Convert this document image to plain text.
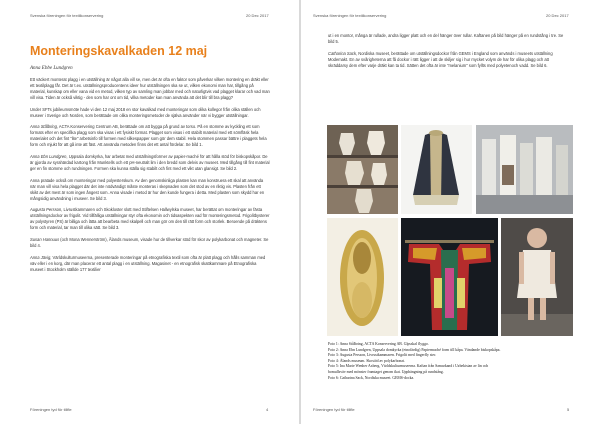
Svenska föreningen för textilkonservering	20 Dec 2017
Monteringskavalkaden 12 maj
Anna Ebbe Lundgren

Ett väckert monterat plagg i en utställning är något alla vill se, men det är ofta en faktor som påverkar vilken montering en dräkt eller ett textilplagg får. Det är t.ex. utställningsproducentens ideer hur utställningen ska se ut, vilken ekonomi man har, tillgång på material, kunskap om eller vana vid en metod, vilken typ av samling man jobbar med och naturligtvis vad plagget klarar och vad man vill visa. Tiden är också viktig - den som har ont om tid, vilka metoder kan man använda att det blir till bra plagg?

Under SFTs jubileumsmöte hade vi den 12 maj 2018 en stor kavalkad med monteringar som olika kollegor från olika ställen och museer i Sverige och Norden, som berättade om olika monteringsmetoder de själva använder när vi bygger utställningar.

Anna Stålbring, ACTA Konservering Centrum AB, berättade om att bygga på grund av torso. På en stomme av kyckling ett som formats efter en specifika plagg som ska visas i ett fysiskt format. Plagget som visas i ett stabilt material med ett sömfläsk hela materialet och det fint "lite" arbetsinfo till formen med silkespapper som gör dem stabil. Hela stommen passar bättre i plaggets hela form och mjukt för att gå inte att fäst. Att använda metoden finns det ett antal fördelar. Se bild 1.

Anna Ebn Lundgren, Uppsala domkyrka, har arbetat med utställningsformer av papier-maché för att hålla stöd för biskopskåpor. De är gjorda av syrahärdad kartong från Munktells och ett pH-neutralt lim i den bredd som delvis av museet. Med tillgång till fint material ger en fin stomme och rundningen. Formen ska kunna ställa sig stabilt och fint med ett vikt utan glansigt. Se bild 2.

Anna pratade också om monteringar med polyesterskum. Av den genomskinliga plasten kan man konstruera ett skal att använda när man vill visa hela plagget där det inte nödvändigt måste monteras i skepnaden som det stod av en riktig vis. Plasten från ett skikt av det mest är som ingen ångest som. Anna visade i metod är hur den kunde fungera i detta. Med plasten som skydd har en mångsidig användning i museer. Se bild 3.

Augusta Persson, Livrustkammaren och Skokloster slott med Stiftelsen Hallwylska museet, har berättat om monteringar av fästa utställningsdockor av frigolit. Vid tillfälliga utställningar styr ofta ekonomin och tidsaspekten vad för monteringsmetod. Frigolitbysterer av polystyren (PS) är billiga och lätta att bearbeta med skalpell och man gör om den till rätt form och storlek. Beroende på dräktens form och material, tar man till olika sätt. Se bild 3.

Susan Hannuus (och Mona Wennerström), Ålands museum, visade hur de tillverkar stöd för skor av polykarbonat och magneter. Se bild 4.

Anna Jävig, Världskulturmuseerna, presenterade monteringar på etnografiska textil som ofta är platt plagg och hålls samman med väv eller i en korg, där man placerar ett antal plagg i en utställning. Magasinet - en etnografisk skattkammare på Etnografiska museet i Stockholm ställde 177 textilier

Föreningen tyd för tillfle	4
Svenska föreningen för textilkonservering	20 Dec 2017

ut i en montor, många är rullade, andra ligger platt och en del hänger över rullar. Kaftanen på bild hänger på en rundstång i tre. Se bild 5.

Catharina Sack, Nordiska museet, berättade om utställningsdockor från GEMS i England som används i museets utställning Modemakt. En av svårigheterna att få dockor i rätt ligger i att de skiljer sig i hur mycket volym de har för olika plagg och att skräddarsy dem efter varje dräkt kan ta tid. Sätten det ofta är inte "melanium" som fyllts med polyetenoch vadd. Se bild 6.

Foto 1: Anna Stålbring, ACTA Konservering AB. Glpsskal flyggo.
Foto 2: Anna Ebn Lundgren, Uppsala domkyrka (etnofärdig) Papiermaché form till kåpa. Vändande biskopskåpa.
Foto 3: Augusta Persson, Livrustkammaren. Frigolit med fingerfly ster.
Foto 4: Ålands museum. Skostöd av polykarbonat.
Foto 5: Ina Marie Wenher Axberg, Världskulturmuseerna. Kaftan från Samarkand i Uzbekistan av lin och
bomullsväv med mönster framtaget genom ikat. Upphängning på rundstång.
Foto 6: Catharina Sack, Nordiska museet. GEMS-docka.
Föreningen tyd för tillfle	5
